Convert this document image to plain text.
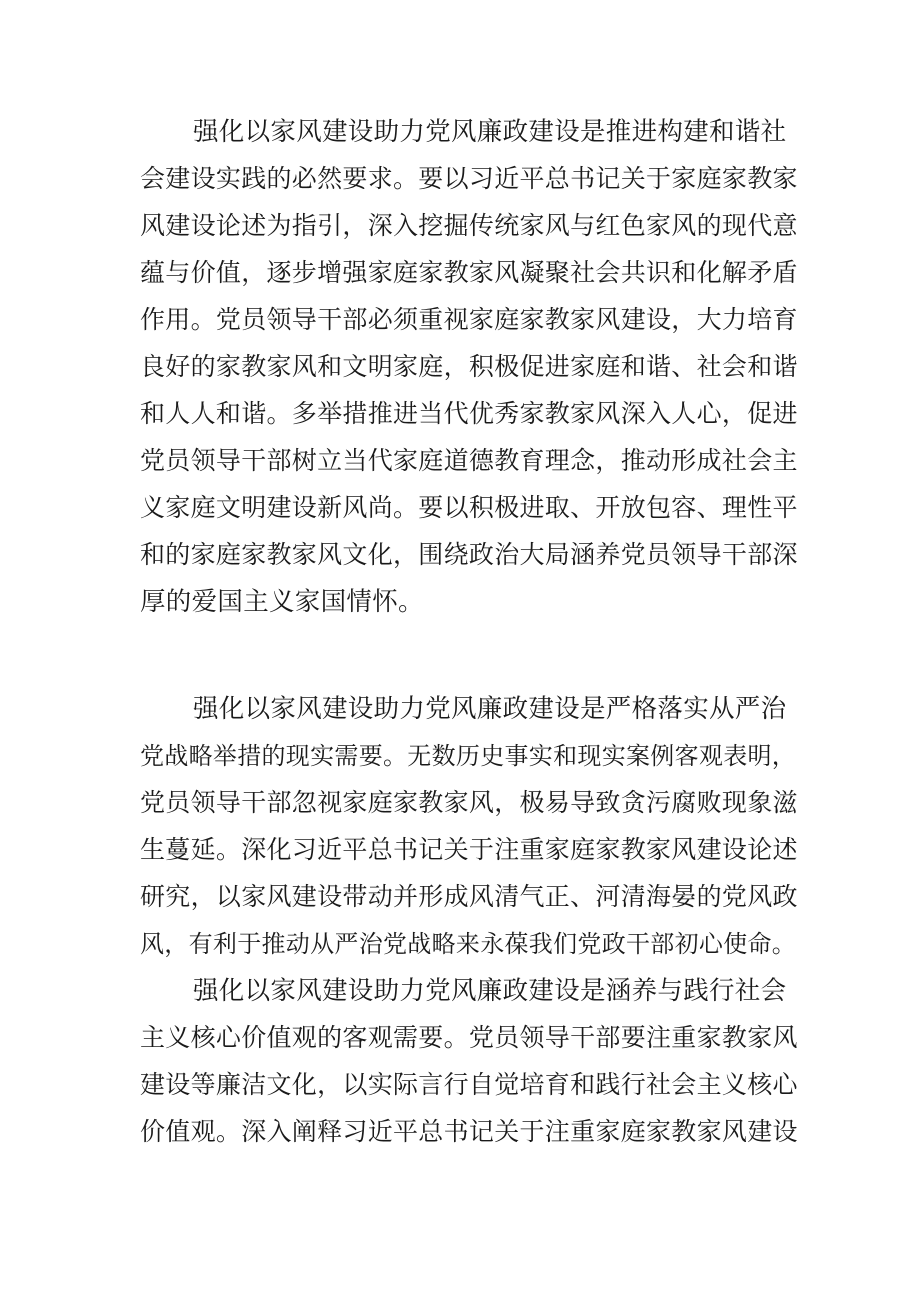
强化以家风建设助力党风廉政建设是推进构建和谐社
会建设实践的必然要求。要以习近平总书记关于家庭家教家
风建设论述为指引，深入挖掘传统家风与红色家风的现代意
蕴与价值，逐步增强家庭家教家风凝聚社会共识和化解矛盾
作用。党员领导干部必须重视家庭家教家风建设，大力培育
良好的家教家风和文明家庭，积极促进家庭和谐、社会和谐
和人人和谐。多举措推进当代优秀家教家风深入人心，促进
党员领导干部树立当代家庭道德教育理念，推动形成社会主
义家庭文明建设新风尚。要以积极进取、开放包容、理性平
和的家庭家教家风文化，围绕政治大局涵养党员领导干部深
厚的爱国主义家国情怀。
强化以家风建设助力党风廉政建设是严格落实从严治
党战略举措的现实需要。无数历史事实和现实案例客观表明，
党员领导干部忽视家庭家教家风，极易导致贪污腐败现象滋
生蔓延。深化习近平总书记关于注重家庭家教家风建设论述
研究，以家风建设带动并形成风清气正、河清海晏的党风政
风，有利于推动从严治党战略来永葆我们党政干部初心使命。
强化以家风建设助力党风廉政建设是涵养与践行社会
主义核心价值观的客观需要。党员领导干部要注重家教家风
建设等廉洁文化，以实际言行自觉培育和践行社会主义核心
价值观。深入阐释习近平总书记关于注重家庭家教家风建设
